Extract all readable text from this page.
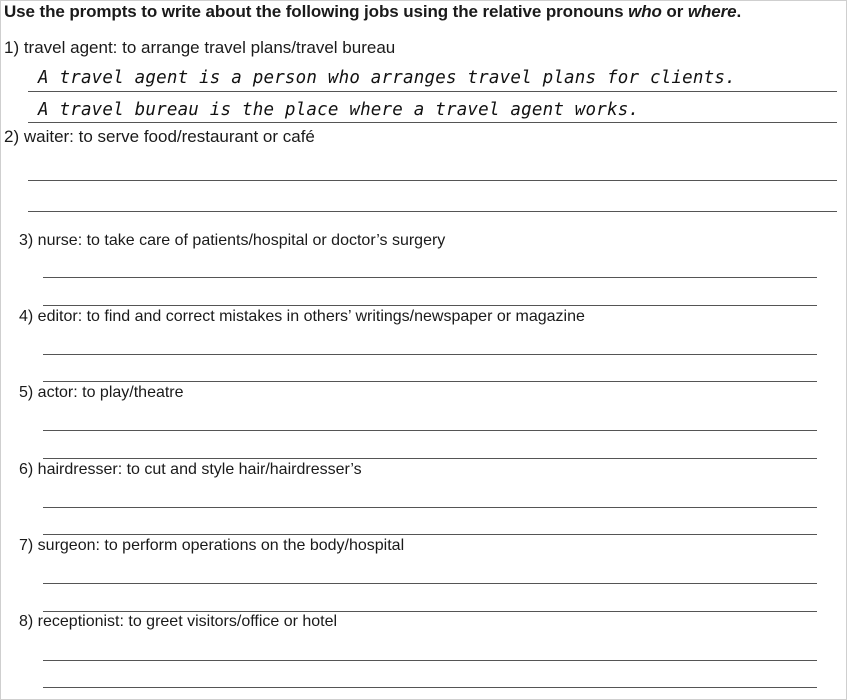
Use the prompts to write about the following jobs using the relative pronouns who or where.
1) travel agent: to arrange travel plans/travel bureau
A travel agent is a person who arranges travel plans for clients.
A travel bureau is the place where a travel agent works.
2) waiter: to serve food/restaurant or café
3) nurse: to take care of patients/hospital or doctor’s surgery
4) editor: to find and correct mistakes in others’ writings/newspaper or magazine
5) actor: to play/theatre
6) hairdresser: to cut and style hair/hairdresser’s
7) surgeon: to perform operations on the body/hospital
8) receptionist: to greet visitors/office or hotel
